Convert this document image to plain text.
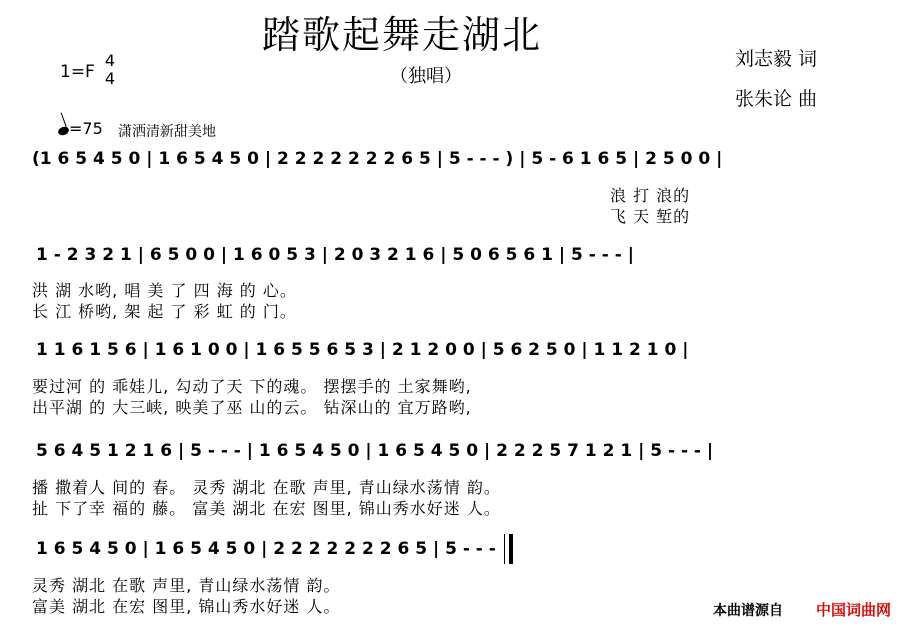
踏歌起舞走湖北
（独唱）
刘志毅 词
张朱论 曲
1=F
4
4
=75 潇洒清新甜美地
(1 6 5 4 5 0 | 1 6 5 4 5 0 | 2 2 2 2 2 2 2 6 5 | 5 - - - ) | 5 - 6 1 6 5 | 2 5 0 0 |
浪 打 浪的
飞 天 堑的
1 - 2 3 2 1 | 6 5 0 0 | 1 6 0 5 3 | 2 0 3 2 1 6 | 5 0 6 5 6 1 | 5 - - - |
洪 湖 水哟, 唱 美 了 四 海 的 心。
长 江 桥哟, 架 起 了 彩 虹 的 门。
1 1 6 1 5 6 | 1 6 1 0 0 | 1 6 5 5 6 5 3 | 2 1 2 0 0 | 5 6 2 5 0 | 1 1 2 1 0 |
要过河 的 乖娃儿, 勾动了天 下的魂。 摆摆手的 土家舞哟,
出平湖 的 大三峡, 映美了巫 山的云。 钻深山的 宜万路哟,
5 6 4 5 1 2 1 6 | 5 - - - | 1 6 5 4 5 0 | 1 6 5 4 5 0 | 2 2 2 5 7 1 2 1 | 5 - - - |
播 撒着人 间的 春。 灵秀 湖北 在歌 声里, 青山绿水荡情 韵。
扯 下了幸 福的 藤。 富美 湖北 在宏 图里, 锦山秀水好迷 人。
1 6 5 4 5 0 | 1 6 5 4 5 0 | 2 2 2 2 2 2 2 6 5 | 5 - - -
灵秀 湖北 在歌 声里, 青山绿水荡情 韵。
富美 湖北 在宏 图里, 锦山秀水好迷 人。	本曲谱源自 中国词曲网
